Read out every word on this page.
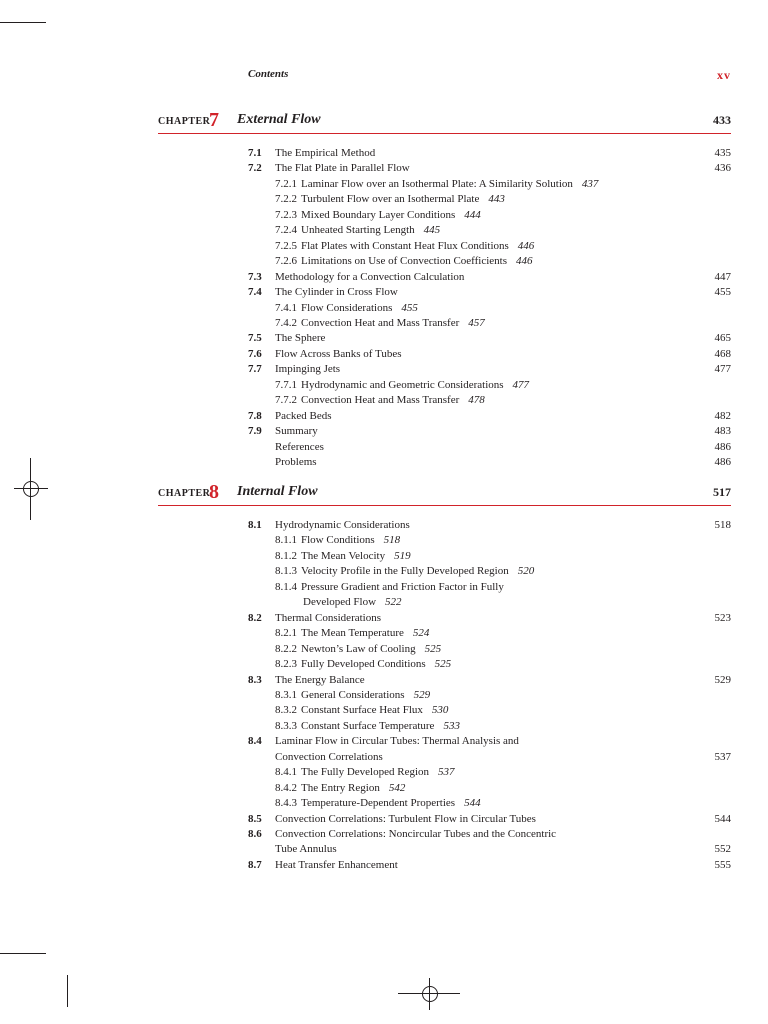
Contents	xv
CHAPTER
7 External Flow	433
7.1 The Empirical Method	435
7.2 The Flat Plate in Parallel Flow	436
7.2.1 Laminar Flow over an Isothermal Plate: A Similarity Solution 437
7.2.2 Turbulent Flow over an Isothermal Plate 443
7.2.3 Mixed Boundary Layer Conditions 444
7.2.4 Unheated Starting Length 445
7.2.5 Flat Plates with Constant Heat Flux Conditions 446
7.2.6 Limitations on Use of Convection Coefficients 446
7.3 Methodology for a Convection Calculation	447
7.4 The Cylinder in Cross Flow	455
7.4.1 Flow Considerations 455
7.4.2 Convection Heat and Mass Transfer 457
7.5 The Sphere	465
7.6 Flow Across Banks of Tubes	468
7.7 Impinging Jets	477
7.7.1 Hydrodynamic and Geometric Considerations 477
7.7.2 Convection Heat and Mass Transfer 478
7.8 Packed Beds	482
7.9 Summary	483
References	486
Problems	486
CHAPTER
8 Internal Flow	517
8.1 Hydrodynamic Considerations	518
8.1.1 Flow Conditions 518
8.1.2 The Mean Velocity 519
8.1.3 Velocity Profile in the Fully Developed Region 520
8.1.4 Pressure Gradient and Friction Factor in Fully
Developed Flow 522
8.2 Thermal Considerations	523
8.2.1 The Mean Temperature 524
8.2.2 Newton’s Law of Cooling 525
8.2.3 Fully Developed Conditions 525
8.3 The Energy Balance	529
8.3.1 General Considerations 529
8.3.2 Constant Surface Heat Flux 530
8.3.3 Constant Surface Temperature 533
8.4 Laminar Flow in Circular Tubes: Thermal Analysis and
Convection Correlations	537
8.4.1 The Fully Developed Region 537
8.4.2 The Entry Region 542
8.4.3 Temperature-Dependent Properties 544
8.5 Convection Correlations: Turbulent Flow in Circular Tubes	544
8.6 Convection Correlations: Noncircular Tubes and the Concentric
Tube Annulus	552
8.7 Heat Transfer Enhancement	555
